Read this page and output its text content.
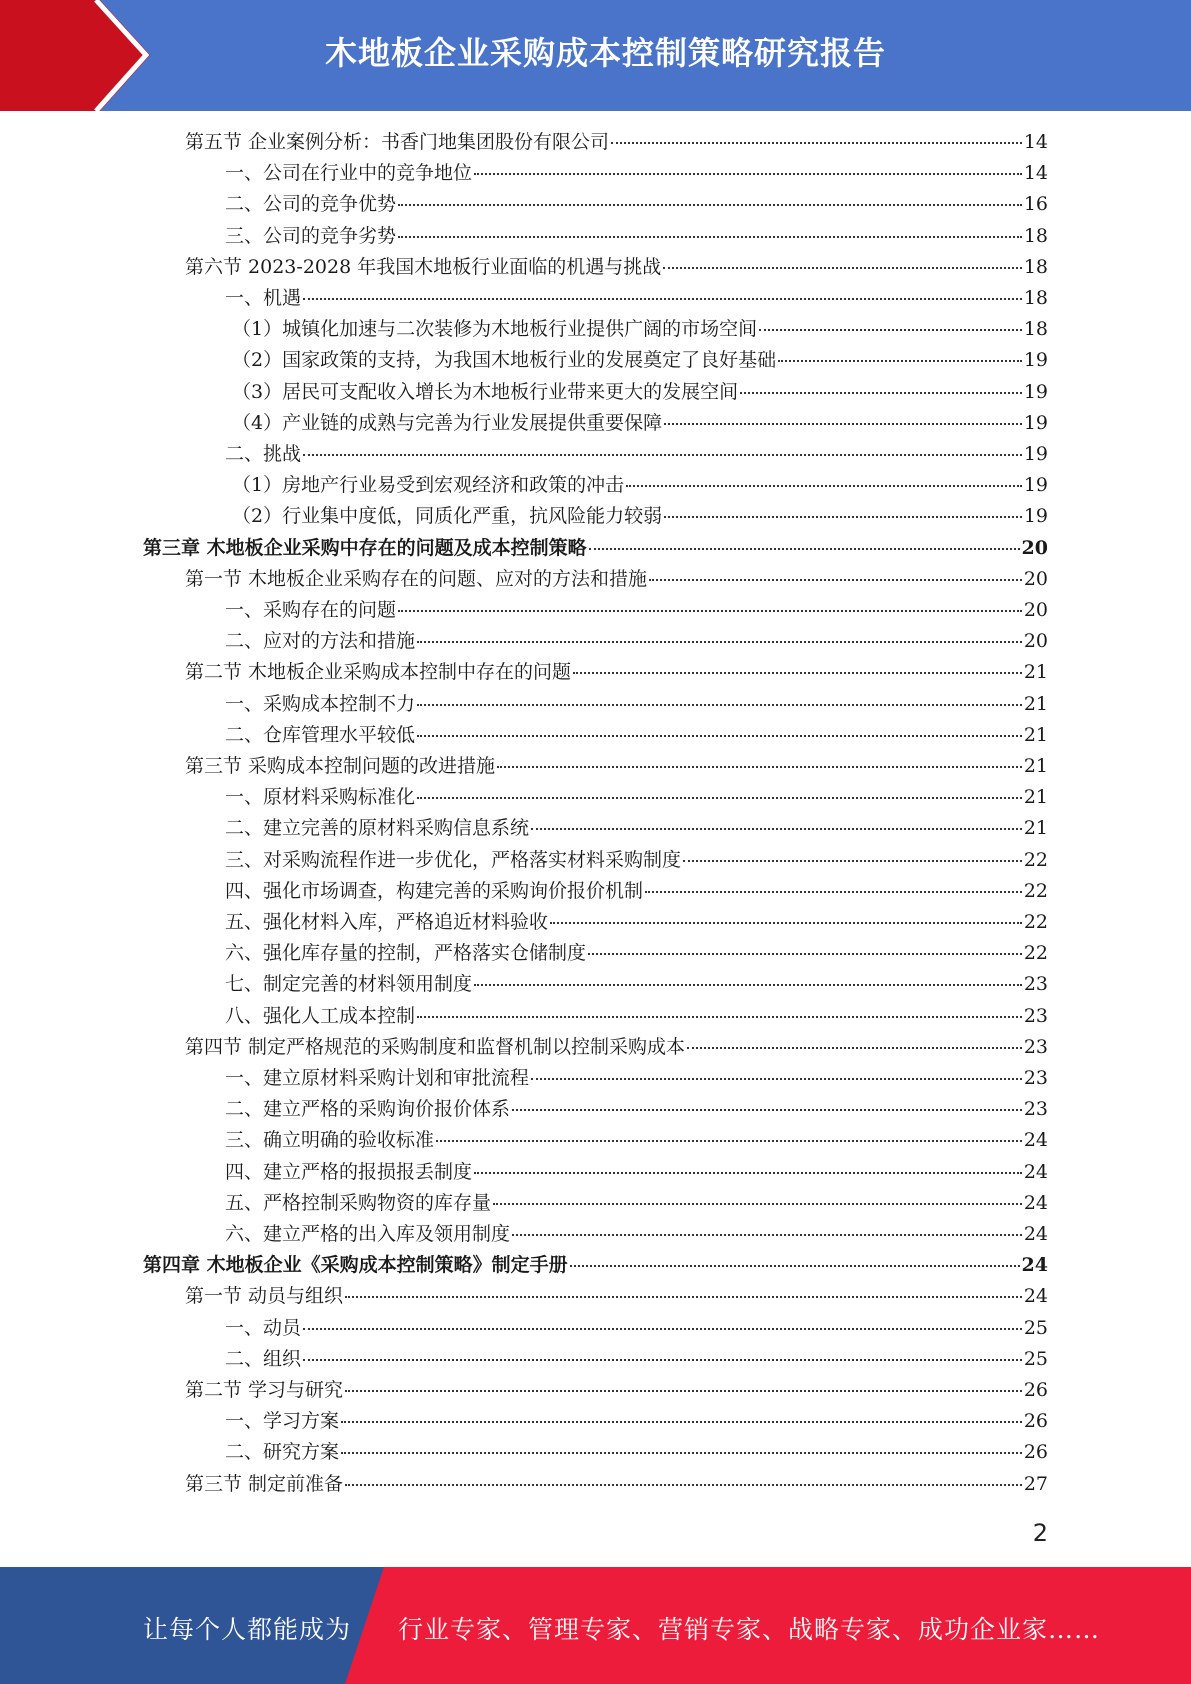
木地板企业采购成本控制策略研究报告
第五节 企业案例分析：书香门地集团股份有限公司	14
一、公司在行业中的竞争地位	14
二、公司的竞争优势	16
三、公司的竞争劣势	18
第六节 2023-2028 年我国木地板行业面临的机遇与挑战	18
一、机遇	18
（1）城镇化加速与二次装修为木地板行业提供广阔的市场空间	18
（2）国家政策的支持，为我国木地板行业的发展奠定了良好基础	19
（3）居民可支配收入增长为木地板行业带来更大的发展空间	19
（4）产业链的成熟与完善为行业发展提供重要保障	19
二、挑战	19
（1）房地产行业易受到宏观经济和政策的冲击	19
（2）行业集中度低，同质化严重，抗风险能力较弱	19
第三章 木地板企业采购中存在的问题及成本控制策略	20
第一节 木地板企业采购存在的问题、应对的方法和措施	20
一、采购存在的问题	20
二、应对的方法和措施	20
第二节 木地板企业采购成本控制中存在的问题	21
一、采购成本控制不力	21
二、仓库管理水平较低	21
第三节 采购成本控制问题的改进措施	21
一、原材料采购标准化	21
二、建立完善的原材料采购信息系统	21
三、对采购流程作进一步优化，严格落实材料采购制度	22
四、强化市场调查，构建完善的采购询价报价机制	22
五、强化材料入库，严格追近材料验收	22
六、强化库存量的控制，严格落实仓储制度	22
七、制定完善的材料领用制度	23
八、强化人工成本控制	23
第四节 制定严格规范的采购制度和监督机制以控制采购成本	23
一、建立原材料采购计划和审批流程	23
二、建立严格的采购询价报价体系	23
三、确立明确的验收标准	24
四、建立严格的报损报丢制度	24
五、严格控制采购物资的库存量	24
六、建立严格的出入库及领用制度	24
第四章 木地板企业《采购成本控制策略》制定手册	24
第一节 动员与组织	24
一、动员	25
二、组织	25
第二节 学习与研究	26
一、学习方案	26
二、研究方案	26
第三节 制定前准备	27
2
让每个人都能成为 行业专家、管理专家、营销专家、战略专家、成功企业家……
